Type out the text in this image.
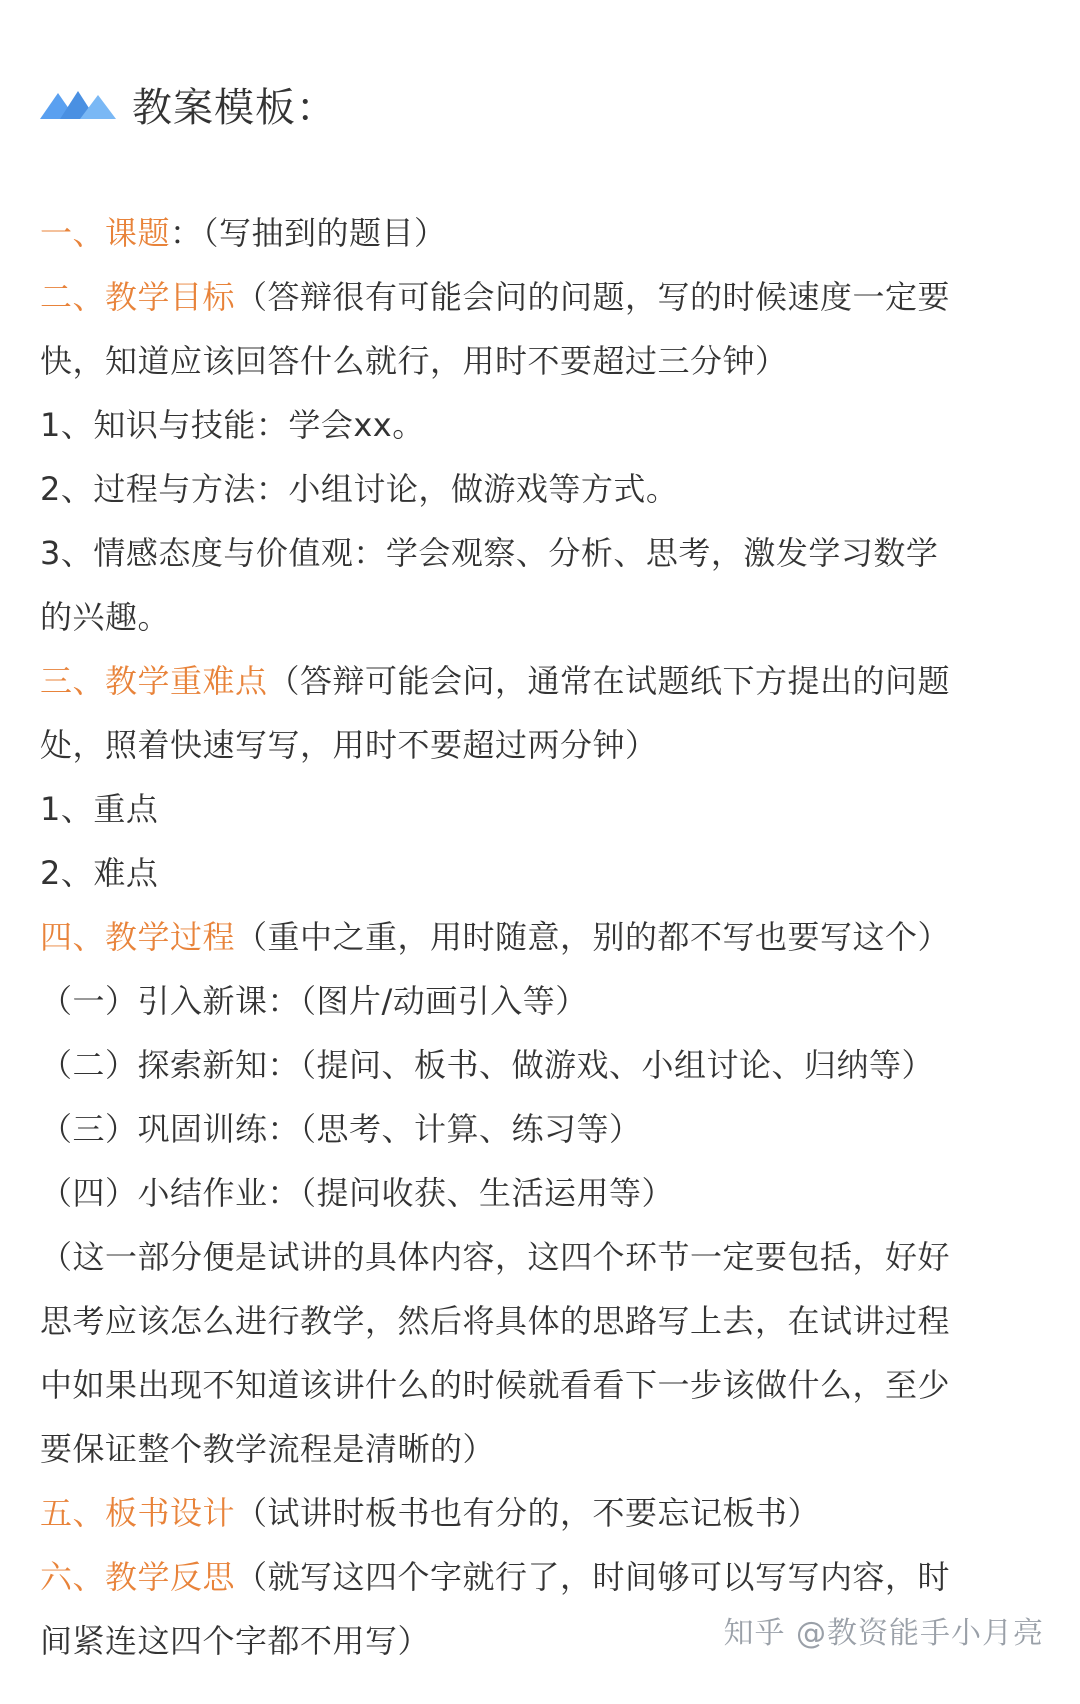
教案模板：
一、课题：（写抽到的题目）
二、教学目标（答辩很有可能会问的问题，写的时候速度一定要
快，知道应该回答什么就行，用时不要超过三分钟）
1、知识与技能：学会xx。
2、过程与方法：小组讨论，做游戏等方式。
3、情感态度与价值观：学会观察、分析、思考，激发学习数学
的兴趣。
三、教学重难点（答辩可能会问，通常在试题纸下方提出的问题
处，照着快速写写，用时不要超过两分钟）
1、重点
2、难点
四、教学过程（重中之重，用时随意，别的都不写也要写这个）
（一）引入新课：（图片/动画引入等）
（二）探索新知：（提问、板书、做游戏、小组讨论、归纳等）
（三）巩固训练：（思考、计算、练习等）
（四）小结作业：（提问收获、生活运用等）
（这一部分便是试讲的具体内容，这四个环节一定要包括，好好
思考应该怎么进行教学，然后将具体的思路写上去，在试讲过程
中如果出现不知道该讲什么的时候就看看下一步该做什么，至少
要保证整个教学流程是清晰的）
五、板书设计（试讲时板书也有分的，不要忘记板书）
六、教学反思（就写这四个字就行了，时间够可以写写内容，时
间紧连这四个字都不用写）	知乎 @教资能手小月亮
